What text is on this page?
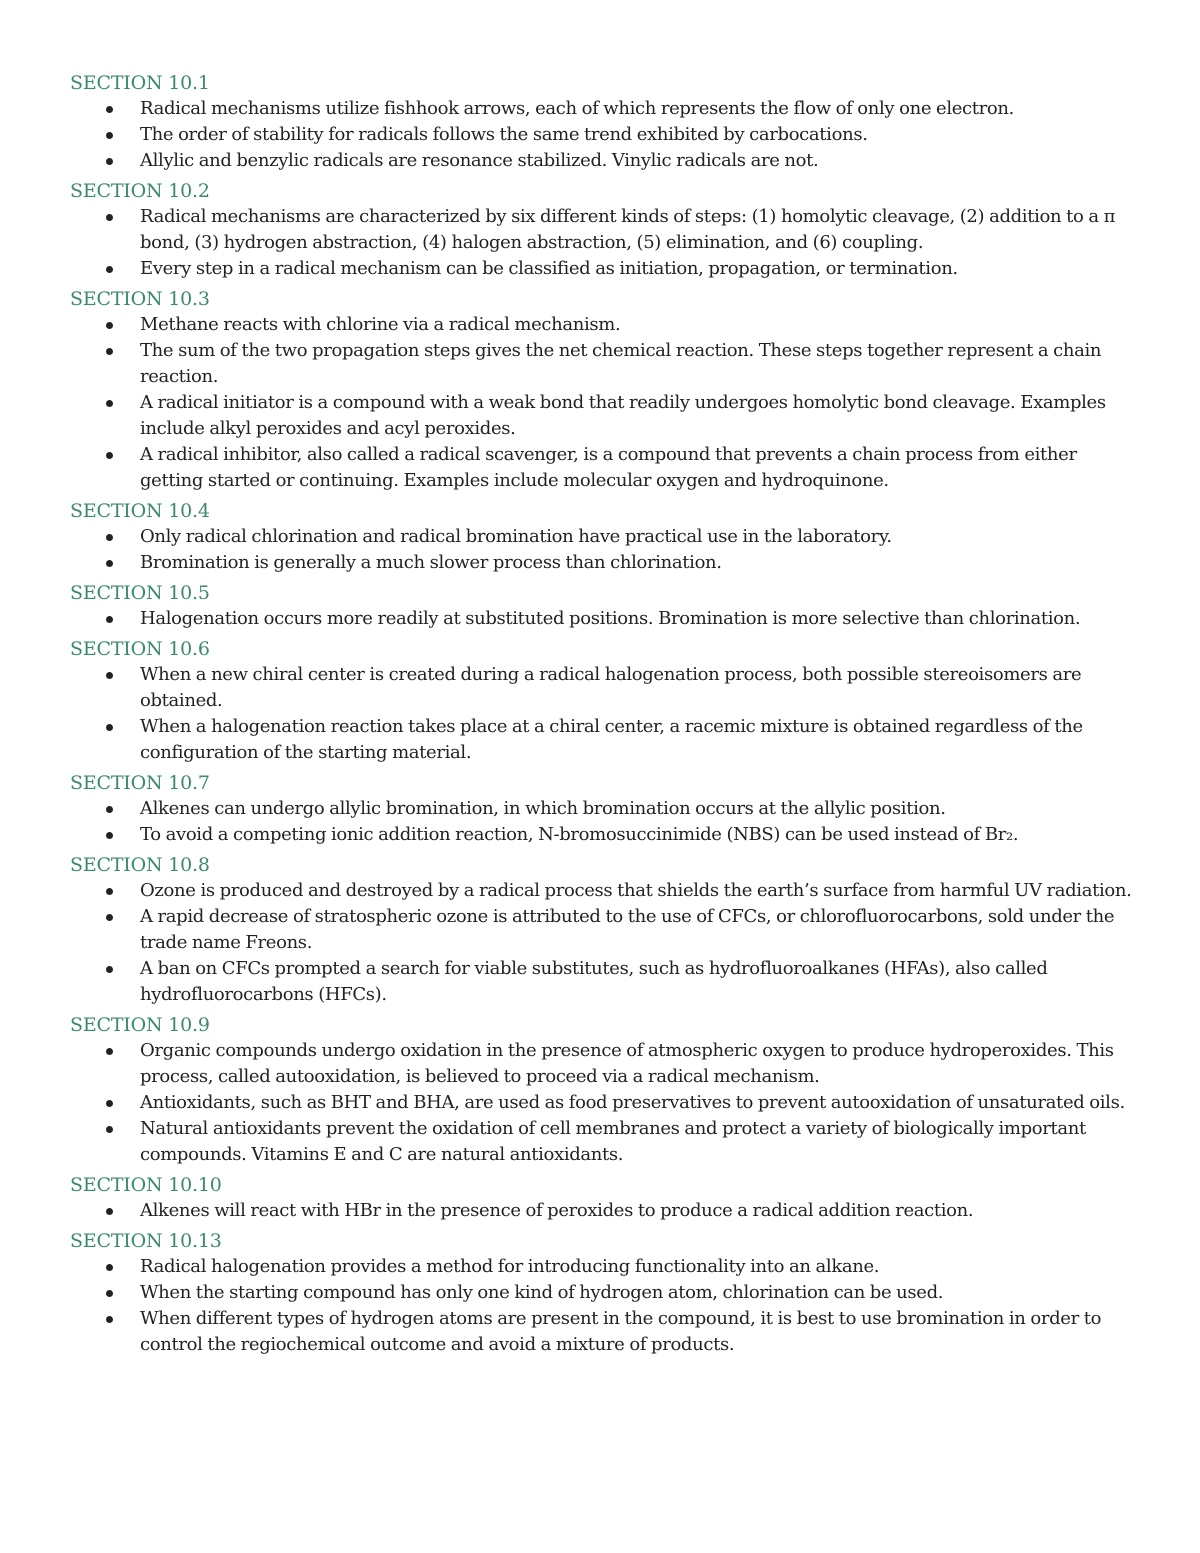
SECTION 10.1
Radical mechanisms utilize fishhook arrows, each of which represents the flow of only one electron.
The order of stability for radicals follows the same trend exhibited by carbocations.
Allylic and benzylic radicals are resonance stabilized. Vinylic radicals are not.
SECTION 10.2
Radical mechanisms are characterized by six different kinds of steps: (1) homolytic cleavage, (2) addition to a π bond, (3) hydrogen abstraction, (4) halogen abstraction, (5) elimination, and (6) coupling.
Every step in a radical mechanism can be classified as initiation, propagation, or termination.
SECTION 10.3
Methane reacts with chlorine via a radical mechanism.
The sum of the two propagation steps gives the net chemical reaction. These steps together represent a chain reaction.
A radical initiator is a compound with a weak bond that readily undergoes homolytic bond cleavage. Examples include alkyl peroxides and acyl peroxides.
A radical inhibitor, also called a radical scavenger, is a compound that prevents a chain process from either getting started or continuing. Examples include molecular oxygen and hydroquinone.
SECTION 10.4
Only radical chlorination and radical bromination have practical use in the laboratory.
Bromination is generally a much slower process than chlorination.
SECTION 10.5
Halogenation occurs more readily at substituted positions. Bromination is more selective than chlorination.
SECTION 10.6
When a new chiral center is created during a radical halogenation process, both possible stereoisomers are obtained.
When a halogenation reaction takes place at a chiral center, a racemic mixture is obtained regardless of the configuration of the starting material.
SECTION 10.7
Alkenes can undergo allylic bromination, in which bromination occurs at the allylic position.
To avoid a competing ionic addition reaction, N-bromosuccinimide (NBS) can be used instead of Br₂.
SECTION 10.8
Ozone is produced and destroyed by a radical process that shields the earth’s surface from harmful UV radiation.
A rapid decrease of stratospheric ozone is attributed to the use of CFCs, or chlorofluorocarbons, sold under the trade name Freons.
A ban on CFCs prompted a search for viable substitutes, such as hydrofluoroalkanes (HFAs), also called hydrofluorocarbons (HFCs).
SECTION 10.9
Organic compounds undergo oxidation in the presence of atmospheric oxygen to produce hydroperoxides. This process, called autooxidation, is believed to proceed via a radical mechanism.
Antioxidants, such as BHT and BHA, are used as food preservatives to prevent autooxidation of unsaturated oils.
Natural antioxidants prevent the oxidation of cell membranes and protect a variety of biologically important compounds. Vitamins E and C are natural antioxidants.
SECTION 10.10
Alkenes will react with HBr in the presence of peroxides to produce a radical addition reaction.
SECTION 10.13
Radical halogenation provides a method for introducing functionality into an alkane.
When the starting compound has only one kind of hydrogen atom, chlorination can be used.
When different types of hydrogen atoms are present in the compound, it is best to use bromination in order to control the regiochemical outcome and avoid a mixture of products.
